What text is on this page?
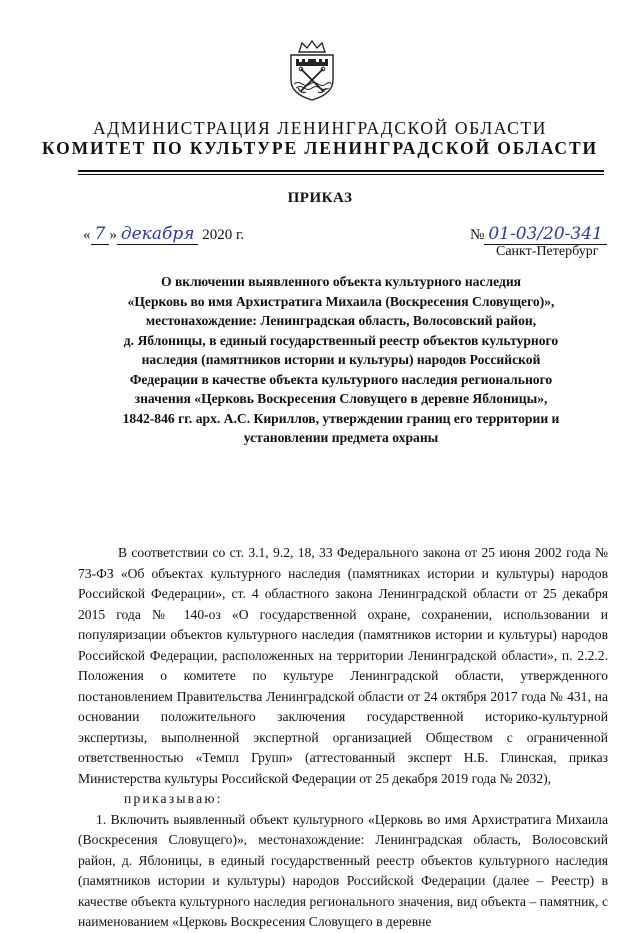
АДМИНИСТРАЦИЯ ЛЕНИНГРАДСКОЙ ОБЛАСТИ
КОМИТЕТ ПО КУЛЬТУРЕ ЛЕНИНГРАДСКОЙ ОБЛАСТИ
ПРИКАЗ
« 7 » декабря 2020 г.	№ 01-03/20-341
Санкт-Петербург
О включении выявленного объекта культурного наследия
«Церковь во имя Архистратига Михаила (Воскресения Словущего)»,
местонахождение: Ленинградская область, Волосовский район,
д. Яблоницы, в единый государственный реестр объектов культурного
наследия (памятников истории и культуры) народов Российской
Федерации в качестве объекта культурного наследия регионального
значения «Церковь Воскресения Словущего в деревне Яблоницы»,
1842-846 гг. арх. А.С. Кириллов, утверждении границ его территории и
установлении предмета охраны

В соответствии со ст. 3.1, 9.2, 18, 33 Федерального закона от 25 июня 2002 года № 73-ФЗ «Об объектах культурного наследия (памятниках истории и культуры) народов Российской Федерации», ст. 4 областного закона Ленинградской области от 25 декабря 2015 года № 140-оз «О государственной охране, сохранении, использовании и популяризации объектов культурного наследия (памятников истории и культуры) народов Российской Федерации, расположенных на территории Ленинградской области», п. 2.2.2. Положения о комитете по культуре Ленинградской области, утвержденного постановлением Правительства Ленинградской области от 24 октября 2017 года № 431, на основании положительного заключения государственной историко-культурной экспертизы, выполненной экспертной организацией Обществом с ограниченной ответственностью «Темпл Групп» (аттестованный эксперт Н.Б. Глинская, приказ Министерства культуры Российской Федерации от 25 декабря 2019 года № 2032),

приказываю:

1. Включить выявленный объект культурного «Церковь во имя Архистратига Михаила (Воскресения Словущего)», местонахождение: Ленинградская область, Волосовский район, д. Яблоницы, в единый государственный реестр объектов культурного наследия (памятников истории и культуры) народов Российской Федерации (далее – Реестр) в качестве объекта культурного наследия регионального значения, вид объекта – памятник, с наименованием «Церковь Воскресения Словущего в деревне
